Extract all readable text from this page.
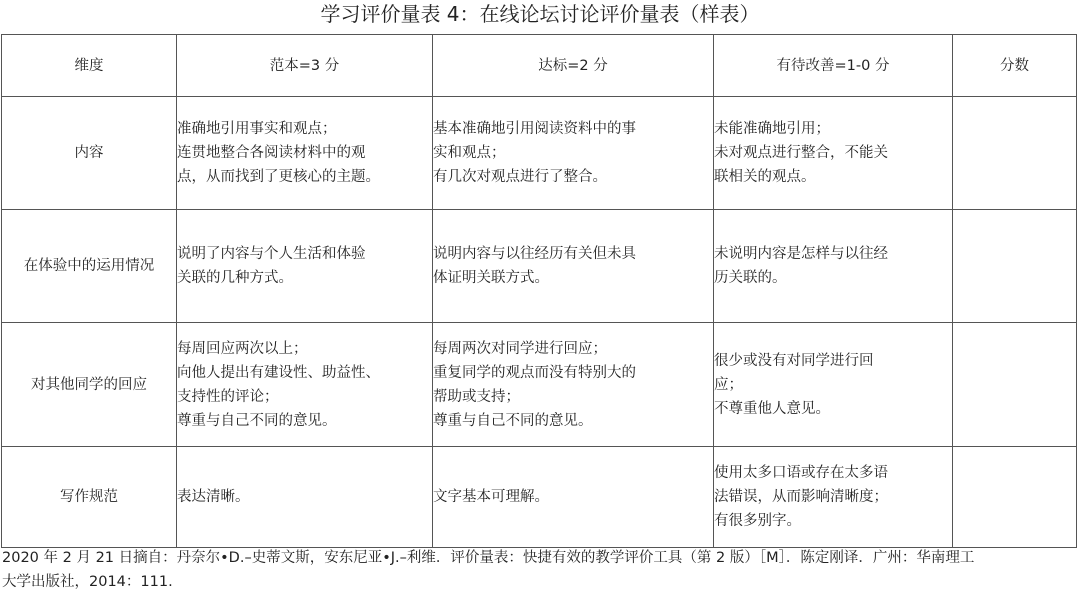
学习评价量表 4：在线论坛讨论评价量表（样表）
维度	范本=3 分	达标=2 分	有待改善=1-0 分	分数
内容	准确地引用事实和观点；
连贯地整合各阅读材料中的观
点，从而找到了更核心的主题。	基本准确地引用阅读资料中的事
实和观点；
有几次对观点进行了整合。	未能准确地引用；
未对观点进行整合，不能关
联相关的观点。	

在体验中的运用情况	说明了内容与个人生活和体验
关联的几种方式。	说明内容与以往经历有关但未具
体证明关联方式。	未说明内容是怎样与以往经
历关联的。	

对其他同学的回应	每周回应两次以上；
向他人提出有建设性、助益性、
支持性的评论；
尊重与自己不同的意见。	每周两次对同学进行回应；
重复同学的观点而没有特别大的
帮助或支持；
尊重与自己不同的意见。	很少或没有对同学进行回
应；
不尊重他人意见。	

写作规范	表达清晰。	文字基本可理解。	使用太多口语或存在太多语
法错误，从而影响清晰度；
有很多别字。	

2020 年 2 月 21 日摘自：丹奈尔•D.–史蒂文斯，安东尼亚•J.–利维．评价量表：快捷有效的教学评价工具（第 2 版）［M］．陈定刚译．广州：华南理工
大学出版社，2014：111.
